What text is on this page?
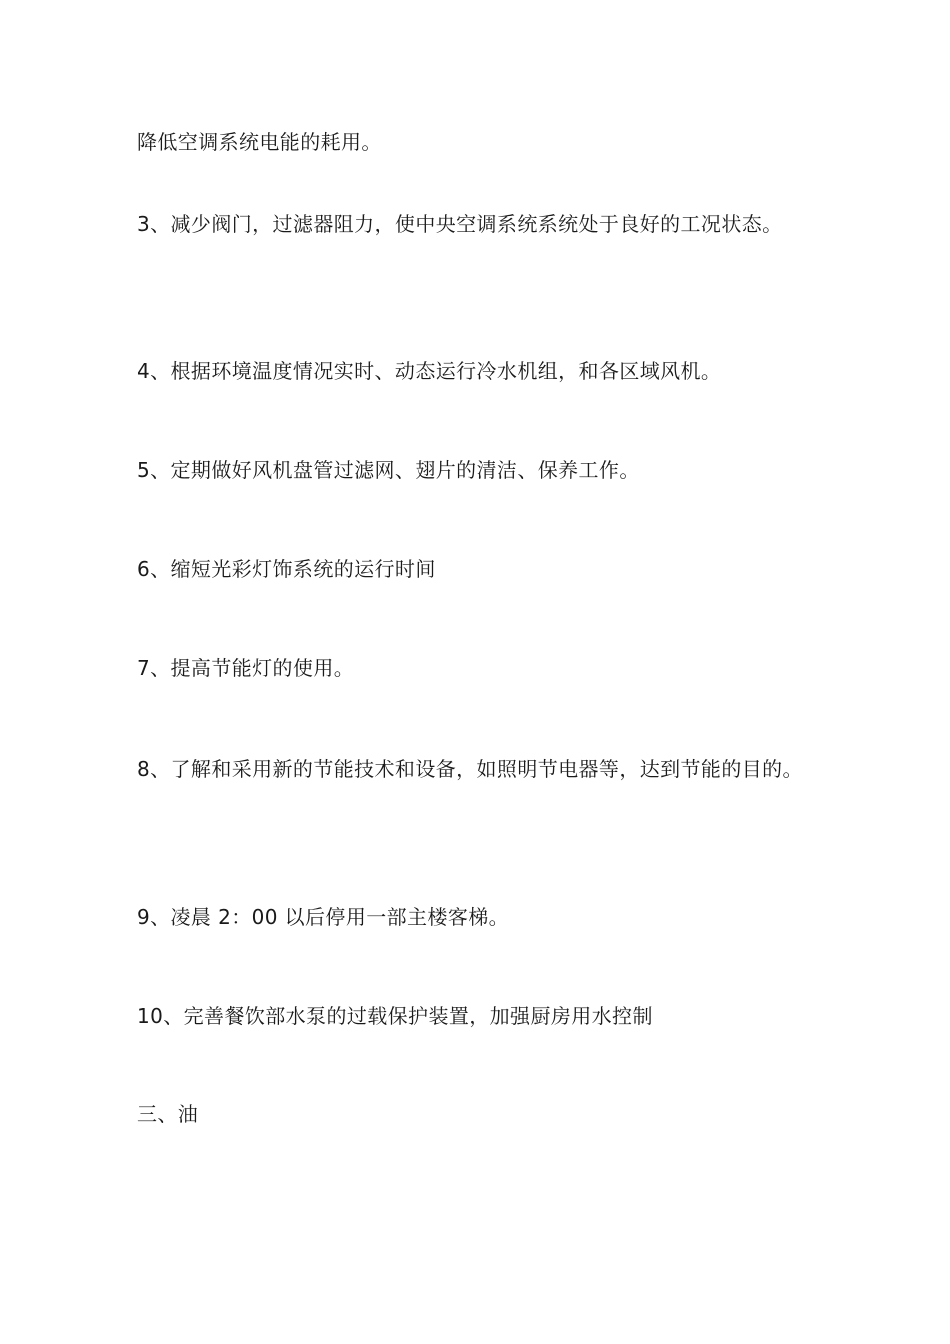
降低空调系统电能的耗用。

3、减少阀门，过滤器阻力，使中央空调系统系统处于良好的工况状态。

4、根据环境温度情况实时、动态运行冷水机组，和各区域风机。

5、定期做好风机盘管过滤网、翅片的清洁、保养工作。

6、缩短光彩灯饰系统的运行时间

7、提高节能灯的使用。

8、了解和采用新的节能技术和设备，如照明节电器等，达到节能的目的。

9、凌晨 2：00 以后停用一部主楼客梯。

10、完善餐饮部水泵的过载保护装置，加强厨房用水控制

三、油
